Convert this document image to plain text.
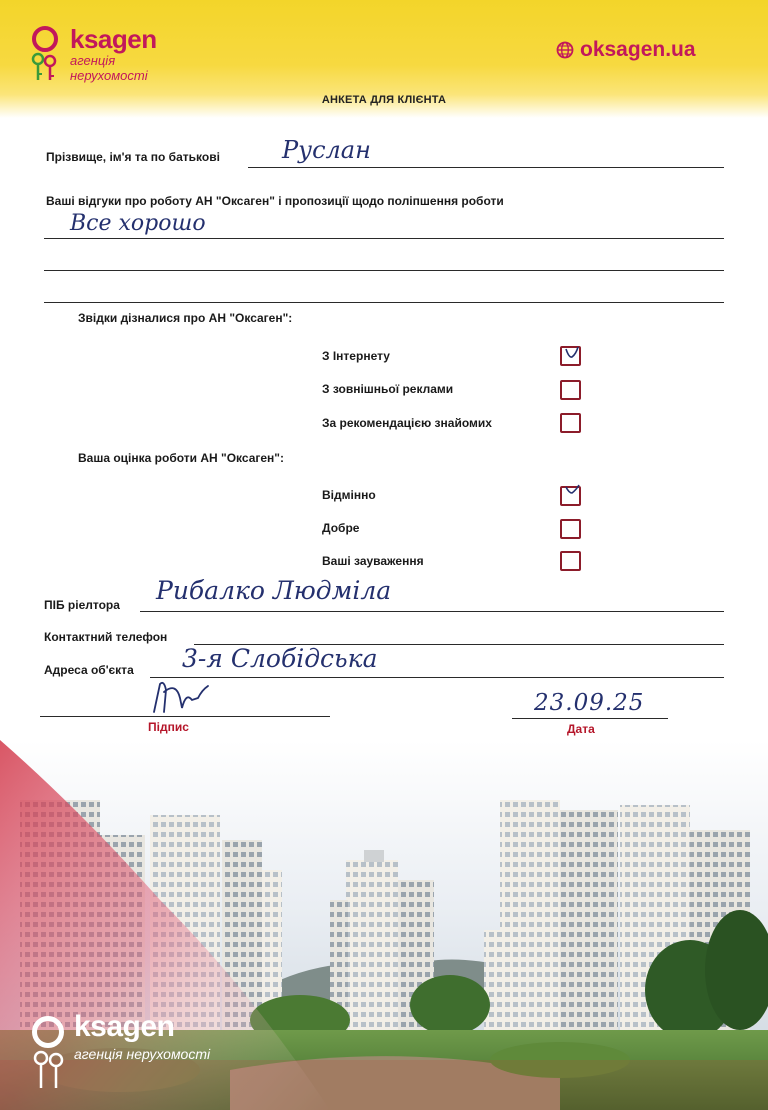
ksagen
агенція нерухомості
oksagen.ua
АНКЕТА ДЛЯ КЛІЄНТА
Прізвище, ім'я та по батькові	Руслан
Ваші відгуки про роботу АН "Оксаген" і пропозиції щодо поліпшення роботи
Все хорошо
Звідки дізналися про АН "Оксаген":
З Інтернету
З зовнішньої реклами
За рекомендацією знайомих
Ваша оцінка роботи АН "Оксаген":
Відмінно
Добре
Ваші зауваження
ПІБ ріелтора Рибалко Людміла
Контактний телефон
Адреса об'єкта 3-я Слобідська
Підпис
23.09.25
Дата
ksagen
агенція нерухомості
